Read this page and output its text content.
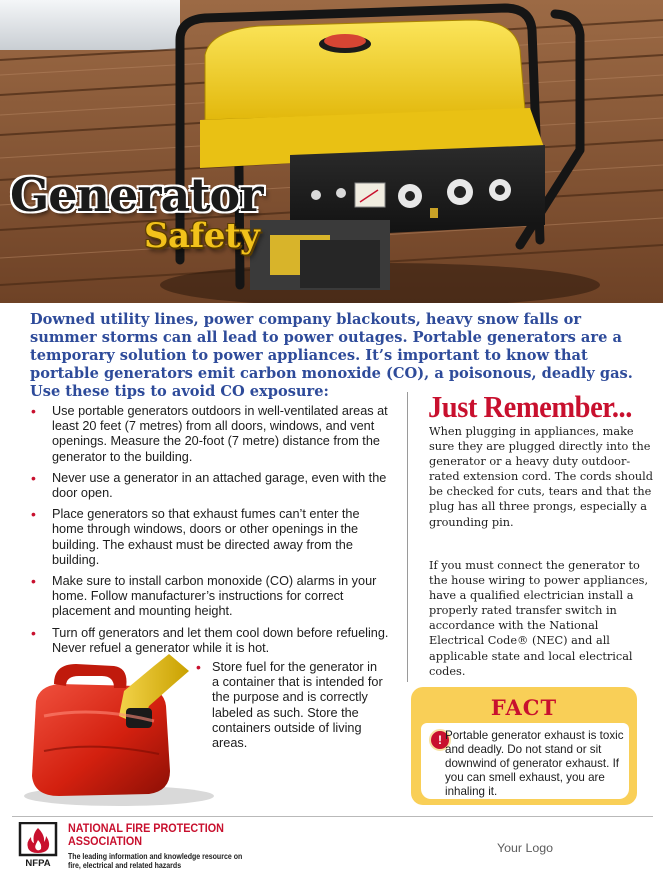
Generator
Safety
Downed utility lines, power company blackouts, heavy snow falls or summer storms can all lead to power outages. Portable generators are a temporary solution to power appliances. It’s important to know that portable generators emit carbon monoxide (CO), a poisonous, deadly gas. Use these tips to avoid CO exposure:
• Use portable generators outdoors in well-ventilated areas at least 20 feet (7 metres) from all doors, windows, and vent openings. Measure the 20-foot (7 metre) distance from the generator to the building.
• Never use a generator in an attached garage, even with the door open.
• Place generators so that exhaust fumes can’t enter the home through windows, doors or other openings in the building. The exhaust must be directed away from the building.
• Make sure to install carbon monoxide (CO) alarms in your home. Follow manufacturer’s instructions for correct placement and mounting height.
• Turn off generators and let them cool down before refueling. Never refuel a generator while it is hot.
• Store fuel for the generator in a container that is intended for the purpose and is correctly labeled as such. Store the containers outside of living areas.
Just Remember...

When plugging in appliances, make sure they are plugged directly into the generator or a heavy duty outdoor-rated extension cord. The cords should be checked for cuts, tears and that the plug has all three prongs, especially a grounding pin.

If you must connect the generator to the house wiring to power appliances, have a qualified electrician install a properly rated transfer switch in accordance with the National Electrical Code® (NEC) and all applicable state and local electrical codes.

FACT
! Portable generator exhaust is toxic and deadly. Do not stand or sit downwind of generator exhaust. If you can smell exhaust, you are inhaling it.
NFPA
NATIONAL FIRE PROTECTION ASSOCIATION
The leading information and knowledge resource on fire, electrical and related hazards
Your Logo
